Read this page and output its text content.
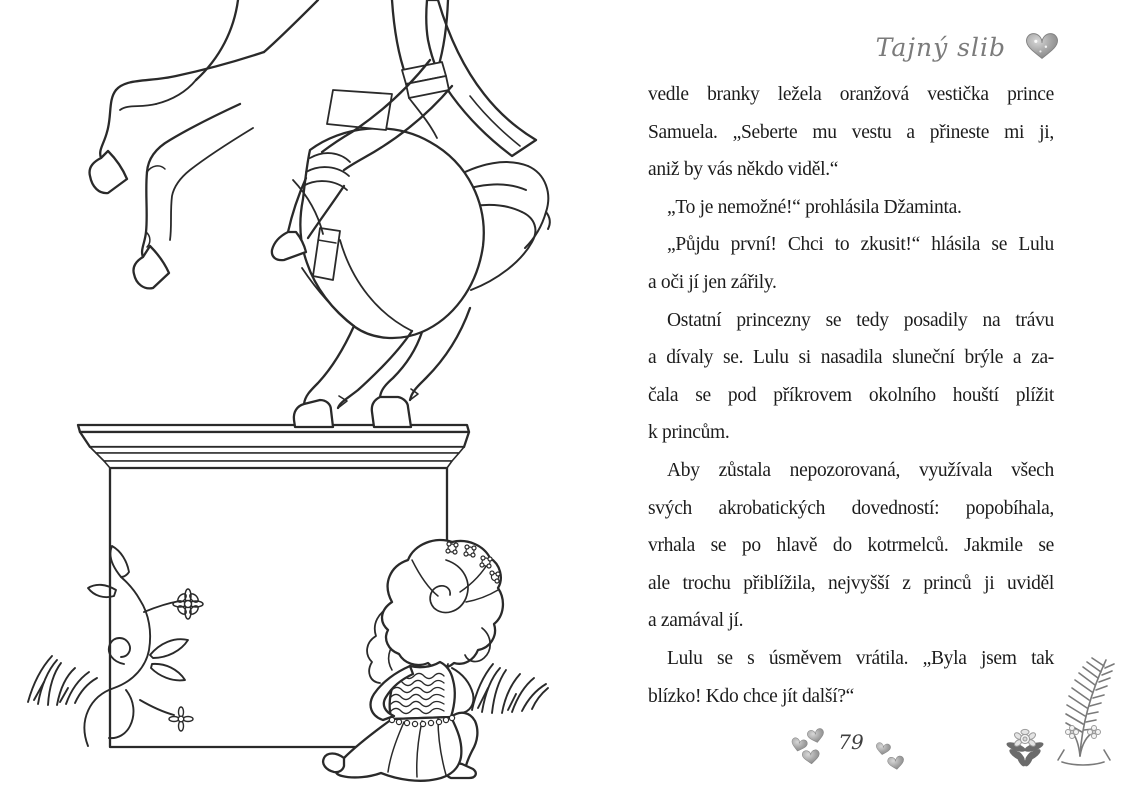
Tajný slib
vedle branky ležela oranžová vestička prince
Samuela. „Seberte mu vestu a přineste mi ji,
aniž by vás někdo viděl.“
„To je nemožné!“ prohlásila Džaminta.
„Půjdu první! Chci to zkusit!“ hlásila se Lulu
a oči jí jen zářily.
Ostatní princezny se tedy posadily na trávu
a dívaly se. Lulu si nasadila sluneční brýle a za-
čala se pod příkrovem okolního houští plížit
k princům.
Aby zůstala nepozorovaná, využívala všech
svých akrobatických dovedností: popobíhala,
vrhala se po hlavě do kotrmelců. Jakmile se
ale trochu přiblížila, nejvyšší z princů ji uviděl
a zamával jí.
Lulu se s úsměvem vrátila. „Byla jsem tak
blízko! Kdo chce jít další?“
79
